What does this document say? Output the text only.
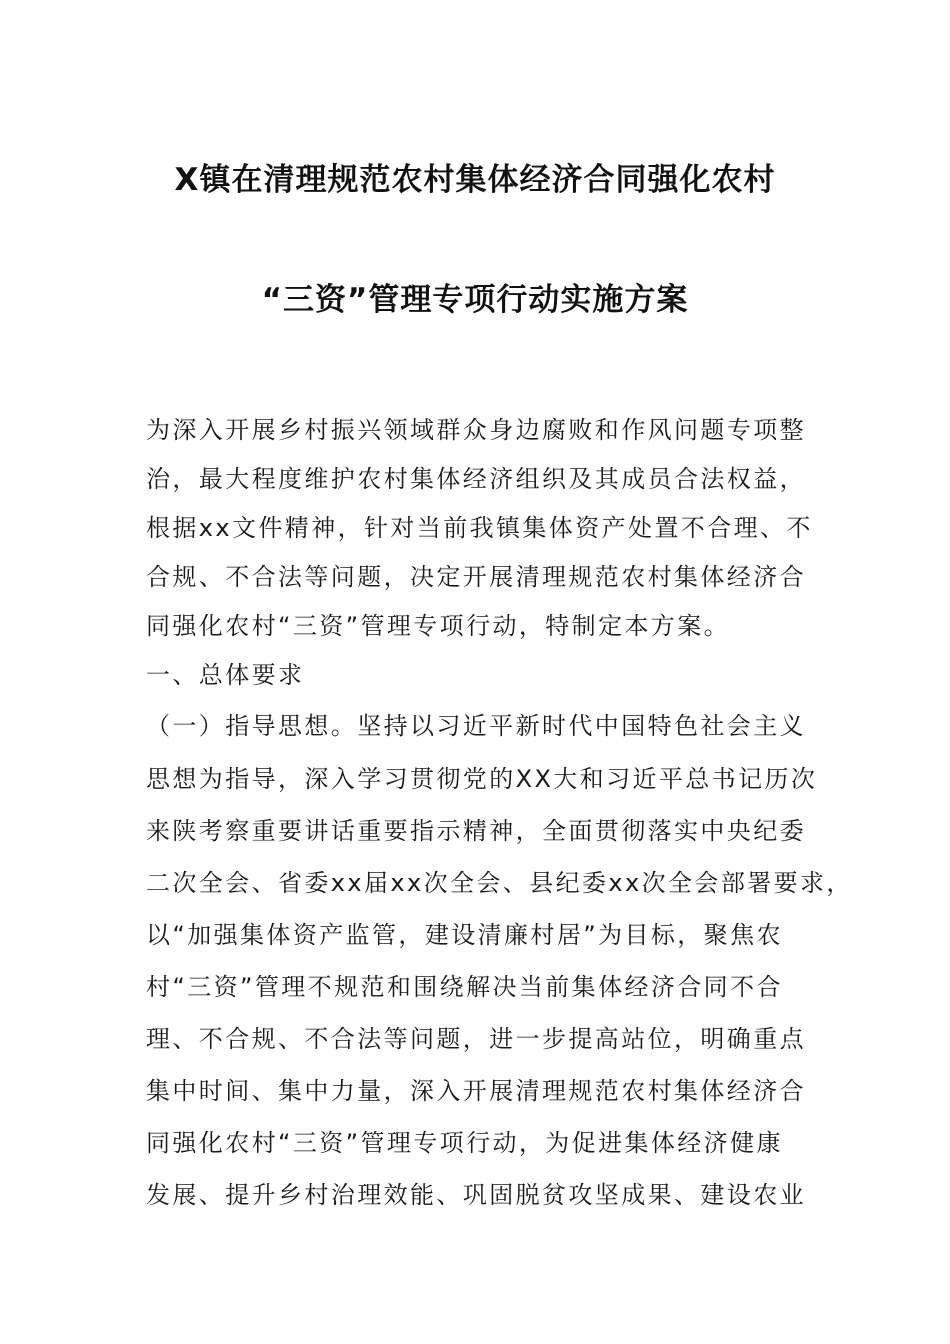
X镇在清理规范农村集体经济合同强化农村
“三资”管理专项行动实施方案
为深入开展乡村振兴领域群众身边腐败和作风问题专项整
治，最大程度维护农村集体经济组织及其成员合法权益，
根据xx文件精神，针对当前我镇集体资产处置不合理、不
合规、不合法等问题，决定开展清理规范农村集体经济合
同强化农村“三资”管理专项行动，特制定本方案。
一、总体要求
（一）指导思想。坚持以习近平新时代中国特色社会主义
思想为指导，深入学习贯彻党的XX大和习近平总书记历次
来陕考察重要讲话重要指示精神，全面贯彻落实中央纪委
二次全会、省委xx届xx次全会、县纪委xx次全会部署要求，
以“加强集体资产监管，建设清廉村居”为目标，聚焦农
村“三资”管理不规范和围绕解决当前集体经济合同不合
理、不合规、不合法等问题，进一步提高站位，明确重点
集中时间、集中力量，深入开展清理规范农村集体经济合
同强化农村“三资”管理专项行动，为促进集体经济健康
发展、提升乡村治理效能、巩固脱贫攻坚成果、建设农业
